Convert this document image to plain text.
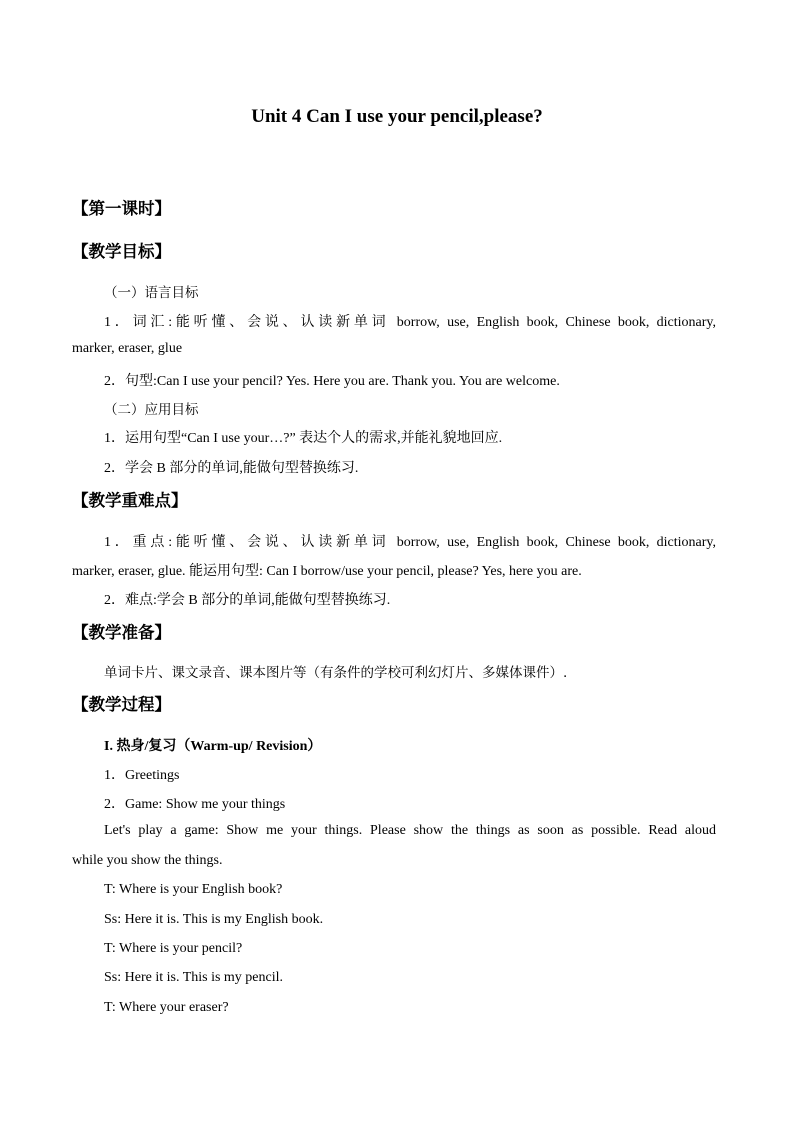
Unit 4 Can I use your pencil,please?
【第一课时】
【教学目标】
（一）语言目标
1．词汇:能听懂、会说、认读新单词 borrow, use, English book, Chinese book, dictionary,
marker, eraser, glue
2．句型:Can I use your pencil? Yes. Here you are. Thank you. You are welcome.
（二）应用目标
1．运用句型“Can I use your…?” 表达个人的需求,并能礼貌地回应.
2．学会 B 部分的单词,能做句型替换练习.
【教学重难点】
1．重点:能听懂、会说、认读新单词 borrow, use, English book, Chinese book, dictionary,
marker, eraser, glue. 能运用句型: Can I borrow/use your pencil, please? Yes, here you are.
2．难点:学会 B 部分的单词,能做句型替换练习.
【教学准备】
单词卡片、课文录音、课本图片等（有条件的学校可利幻灯片、多媒体课件）.
【教学过程】
I. 热身/复习（Warm-up/ Revision）
1．Greetings
2．Game: Show me your things
Let's play a game: Show me your things. Please show the things as soon as possible. Read aloud
while you show the things.
T: Where is your English book?
Ss: Here it is. This is my English book.
T: Where is your pencil?
Ss: Here it is. This is my pencil.
T: Where your eraser?
